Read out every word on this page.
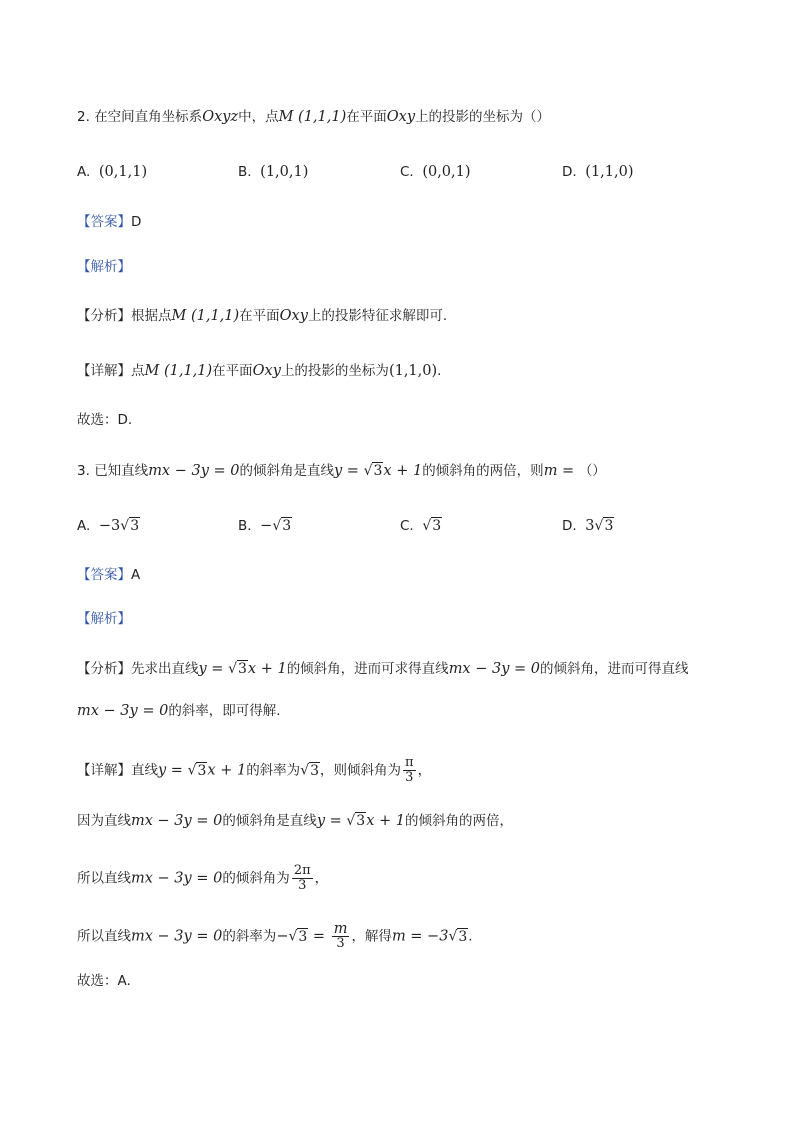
2. 在空间直角坐标系Oxyz中，点M (1,1,1)在平面Oxy上的投影的坐标为（）
A. (0,1,1)	B. (1,0,1)	C. (0,0,1)	D. (1,1,0)
【答案】D
【解析】
【分析】根据点M (1,1,1)在平面Oxy上的投影特征求解即可.
【详解】点M (1,1,1)在平面Oxy上的投影的坐标为(1,1,0).
故选：D.
3. 已知直线mx − 3y = 0的倾斜角是直线y = √3x + 1的倾斜角的两倍，则m = （）
A. −3√3	B. −√3	C. √3	D. 3√3
【答案】A
【解析】
【分析】先求出直线y = √3x + 1的倾斜角，进而可求得直线mx − 3y = 0的倾斜角，进而可得直线
mx − 3y = 0的斜率，即可得解.
【详解】直线y = √3x + 1的斜率为√3，则倾斜角为 $\frac{\pi}{3}$ ，
因为直线mx − 3y = 0的倾斜角是直线y = √3x + 1的倾斜角的两倍，
所以直线mx − 3y = 0的倾斜角为 $\frac{2\pi}{3}$ ，
所以直线mx − 3y = 0的斜率为$-√3 = \frac{m}{3}$ ，解得m = −3√3.
故选：A.
